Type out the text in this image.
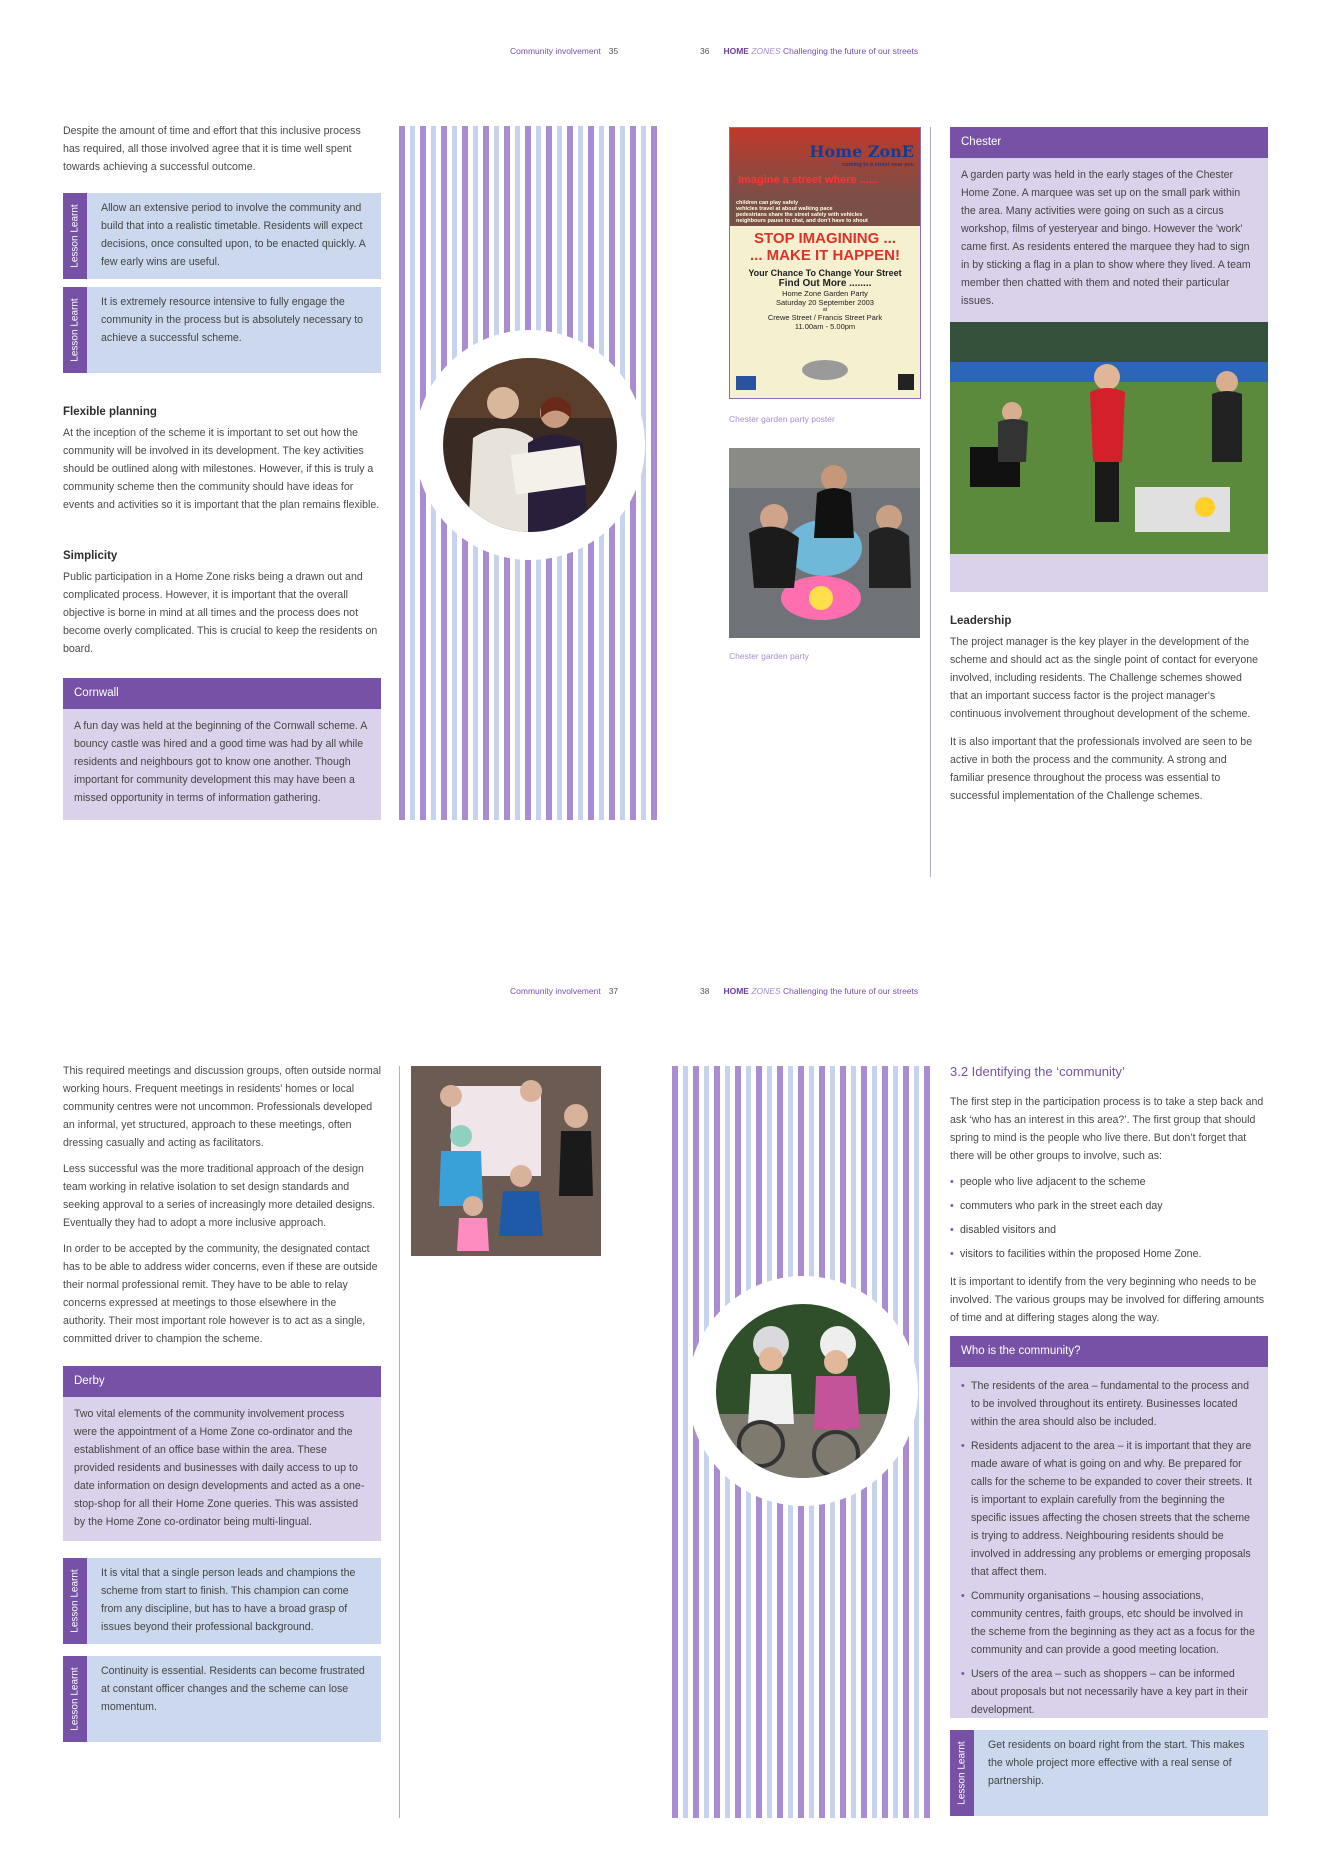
Community involvement 35	36 HOME ZONES Challenging the future of our streets

Despite the amount of time and effort that this inclusive process has required, all those involved agree that it is time well spent towards achieving a successful outcome.

Lesson Learnt Allow an extensive period to involve the community and build that into a realistic timetable. Residents will expect decisions, once consulted upon, to be enacted quickly. A few early wins are useful.
Lesson Learnt It is extremely resource intensive to fully engage the community in the process but is absolutely necessary to achieve a successful scheme.

Flexible planning

At the inception of the scheme it is important to set out how the community will be involved in its development. The key activities should be outlined along with milestones. However, if this is truly a community scheme then the community should have ideas for events and activities so it is important that the plan remains flexible.

Simplicity

Public participation in a Home Zone risks being a drawn out and complicated process. However, it is important that the overall objective is borne in mind at all times and the process does not become overly complicated. This is crucial to keep the residents on board.

Cornwall
A fun day was held at the beginning of the Cornwall scheme. A bouncy castle was hired and a good time was had by all while residents and neighbours got to know one another. Though important for community development this may have been a missed opportunity in terms of information gathering.
Home ZonE
coming to a street near you
Imagine a street where ......
children can play safely
vehicles travel at about walking pace
pedestrians share the street safely with vehicles
neighbours pause to chat, and don't have to shout
STOP IMAGINING ...
... MAKE IT HAPPEN!
Your Chance To Change Your Street
Find Out More ........
Home Zone Garden Party
Saturday 20 September 2003
at
Crewe Street / Francis Street Park
11.00am - 5.00pm
Chester garden party poster
Chester garden party
Chester
A garden party was held in the early stages of the Chester Home Zone. A marquee was set up on the small park within the area. Many activities were going on such as a circus workshop, films of yesteryear and bingo. However the 'work' came first. As residents entered the marquee they had to sign in by sticking a flag in a plan to show where they lived. A team member then chatted with them and noted their particular issues.

Leadership

The project manager is the key player in the development of the scheme and should act as the single point of contact for everyone involved, including residents. The Challenge schemes showed that an important success factor is the project manager's continuous involvement throughout development of the scheme.

It is also important that the professionals involved are seen to be active in both the process and the community. A strong and familiar presence throughout the process was essential to successful implementation of the Challenge schemes.

Community involvement 37	38 HOME ZONES Challenging the future of our streets

This required meetings and discussion groups, often outside normal working hours. Frequent meetings in residents' homes or local community centres were not uncommon. Professionals developed an informal, yet structured, approach to these meetings, often dressing casually and acting as facilitators.

Less successful was the more traditional approach of the design team working in relative isolation to set design standards and seeking approval to a series of increasingly more detailed designs. Eventually they had to adopt a more inclusive approach.

In order to be accepted by the community, the designated contact has to be able to address wider concerns, even if these are outside their normal professional remit. They have to be able to relay concerns expressed at meetings to those elsewhere in the authority. Their most important role however is to act as a single, committed driver to champion the scheme.

Derby
Two vital elements of the community involvement process were the appointment of a Home Zone co-ordinator and the establishment of an office base within the area. These provided residents and businesses with daily access to up to date information on design developments and acted as a one-stop-shop for all their Home Zone queries. This was assisted by the Home Zone co-ordinator being multi-lingual.
Lesson Learnt It is vital that a single person leads and champions the scheme from start to finish. This champion can come from any discipline, but has to have a broad grasp of issues beyond their professional background.
Lesson Learnt Continuity is essential. Residents can become frustrated at constant officer changes and the scheme can lose momentum.

3.2 Identifying the ‘community’

The first step in the participation process is to take a step back and ask ‘who has an interest in this area?’. The first group that should spring to mind is the people who live there. But don’t forget that there will be other groups to involve, such as:

• people who live adjacent to the scheme
• commuters who park in the street each day
• disabled visitors and
• visitors to facilities within the proposed Home Zone.

It is important to identify from the very beginning who needs to be involved. The various groups may be involved for differing amounts of time and at differing stages along the way.

Who is the community?
• The residents of the area – fundamental to the process and to be involved throughout its entirety. Businesses located within the area should also be included.
• Residents adjacent to the area – it is important that they are made aware of what is going on and why. Be prepared for calls for the scheme to be expanded to cover their streets. It is important to explain carefully from the beginning the specific issues affecting the chosen streets that the scheme is trying to address. Neighbouring residents should be involved in addressing any problems or emerging proposals that affect them.
• Community organisations – housing associations, community centres, faith groups, etc should be involved in the scheme from the beginning as they act as a focus for the community and can provide a good meeting location.
• Users of the area – such as shoppers – can be informed about proposals but not necessarily have a key part in their development.
Lesson Learnt Get residents on board right from the start. This makes the whole project more effective with a real sense of partnership.
